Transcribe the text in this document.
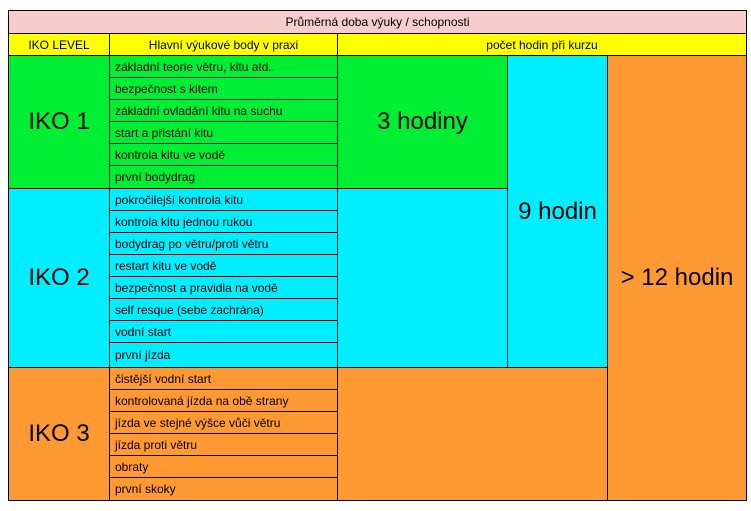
Průměrná doba výuky / schopnosti
IKO LEVEL	Hlavní výukové body v praxi	počet hodin při kurzu
IKO 1
IKO 2
IKO 3
základní teorie větru, kitu atd..
bezpečnost s kitem
základní ovladání kitu na suchu
start a přistání kitu
kontrola kitu ve vodě
první bodydrag
pokročilejší kontrola kitu
kontrola kitu jednou rukou
bodydrag po větru/proti větru
restart kitu ve vodě
bezpečnost a pravidla na vodě
self resque (sebe zachrána)
vodní start
první jízda
čistější vodní start
kontrolovaná jízda na obě strany
jízda ve stejné výšce vůči větru
jízda proti větru
obraty
první skoky
3 hodiny
9 hodin
> 12 hodin
